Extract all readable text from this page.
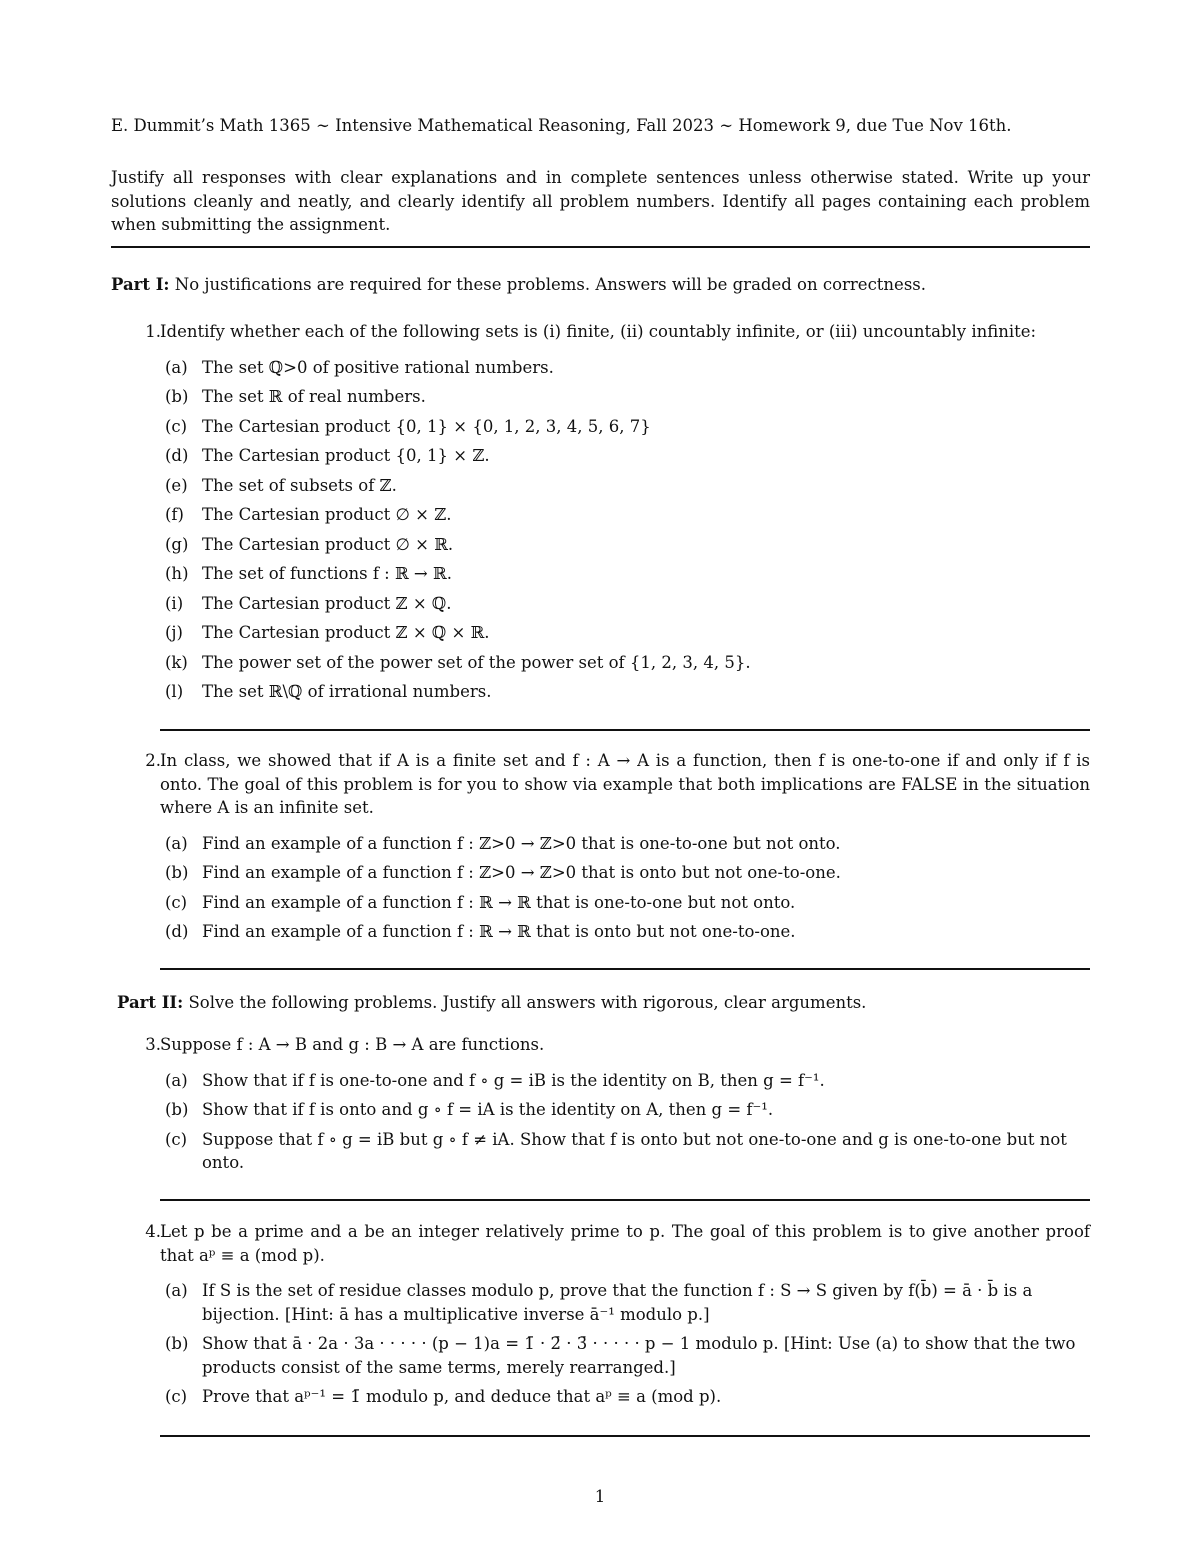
E. Dummit’s Math 1365 ∼ Intensive Mathematical Reasoning, Fall 2023 ∼ Homework 9, due Tue Nov 16th.
Justify all responses with clear explanations and in complete sentences unless otherwise stated. Write up your solutions cleanly and neatly, and clearly identify all problem numbers. Identify all pages containing each problem when submitting the assignment.
Part I: No justifications are required for these problems. Answers will be graded on correctness.
1. Identify whether each of the following sets is (i) finite, (ii) countably infinite, or (iii) uncountably infinite:
(a) The set ℚ>0 of positive rational numbers.
(b) The set ℝ of real numbers.
(c) The Cartesian product {0, 1} × {0, 1, 2, 3, 4, 5, 6, 7}
(d) The Cartesian product {0, 1} × ℤ.
(e) The set of subsets of ℤ.
(f)	The Cartesian product ∅ × ℤ.
(g) The Cartesian product ∅ × ℝ.
(h) The set of functions f : ℝ → ℝ.
(i)	The Cartesian product ℤ × ℚ.
(j)	The Cartesian product ℤ × ℚ × ℝ.
(k) The power set of the power set of the power set of {1, 2, 3, 4, 5}.
(l)	The set ℝ\ℚ of irrational numbers.
2. In class, we showed that if A is a finite set and f : A → A is a function, then f is one-to-one if and only if f is onto. The goal of this problem is for you to show via example that both implications are FALSE in the situation where A is an infinite set.
(a) Find an example of a function f : ℤ>0 → ℤ>0 that is one-to-one but not onto.
(b) Find an example of a function f : ℤ>0 → ℤ>0 that is onto but not one-to-one.
(c) Find an example of a function f : ℝ → ℝ that is one-to-one but not onto.
(d) Find an example of a function f : ℝ → ℝ that is onto but not one-to-one.
Part II: Solve the following problems. Justify all answers with rigorous, clear arguments.
3. Suppose f : A → B and g : B → A are functions.
(a) Show that if f is one-to-one and f ∘ g = iB is the identity on B, then g = f⁻¹.
(b) Show that if f is onto and g ∘ f = iA is the identity on A, then g = f⁻¹.
(c) Suppose that f ∘ g = iB but g ∘ f ≠ iA. Show that f is onto but not one-to-one and g is one-to-one but not onto.
4. Let p be a prime and a be an integer relatively prime to p. The goal of this problem is to give another proof that aᵖ ≡ a (mod p).
(a) If S is the set of residue classes modulo p, prove that the function f : S → S given by f(b̄) = ā · b̄ is a bijection. [Hint: ā has a multiplicative inverse ā⁻¹ modulo p.]
(b) Show that ā · 2a · 3a · · · · · (p − 1)a = 1̄ · 2̄ · 3̄ · · · · · p − 1 modulo p. [Hint: Use (a) to show that the two products consist of the same terms, merely rearranged.]
(c) Prove that aᵖ⁻¹ = 1̄ modulo p, and deduce that aᵖ ≡ a (mod p).
1
